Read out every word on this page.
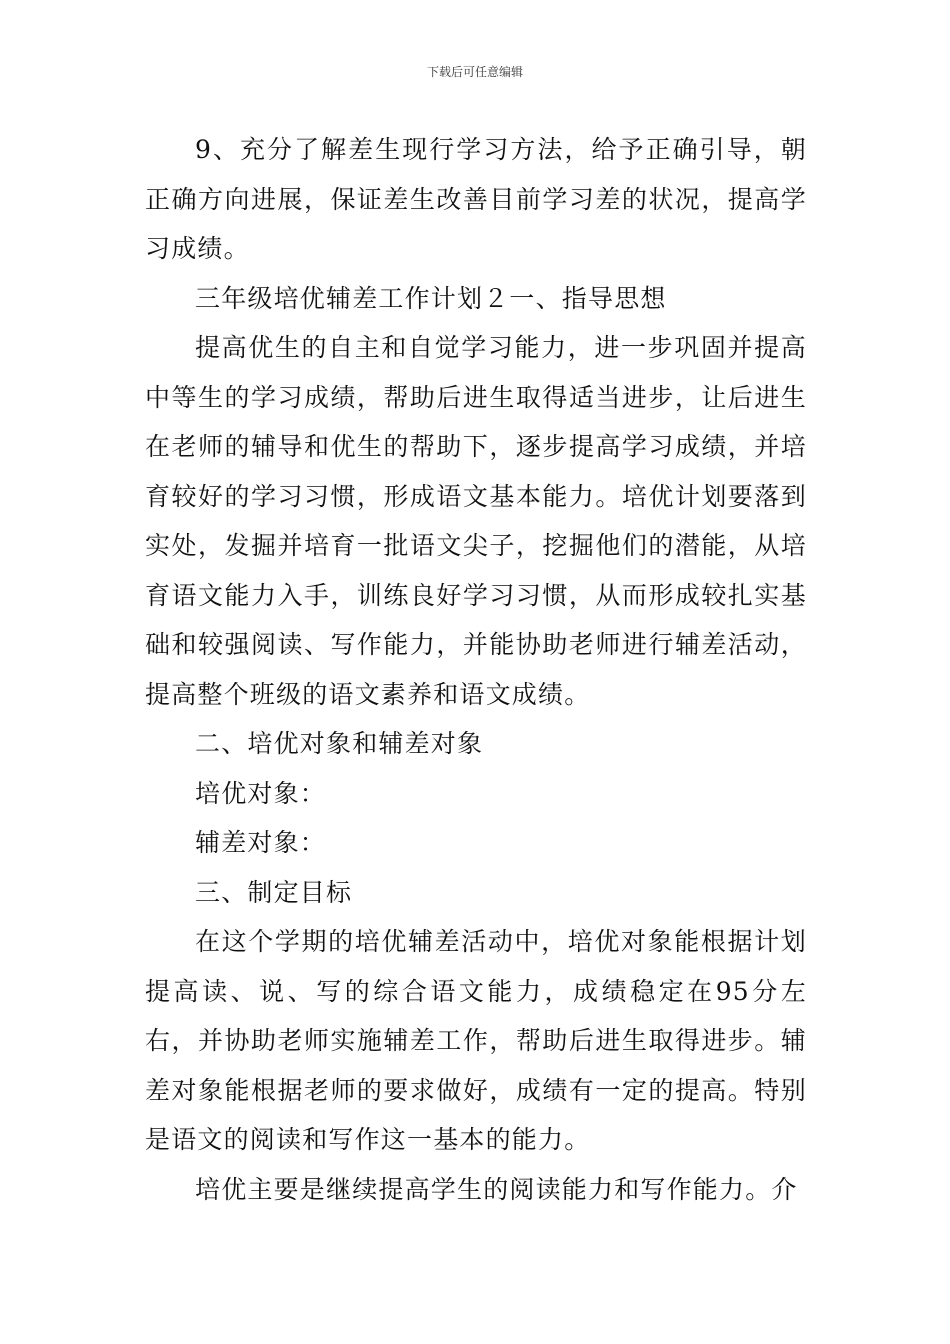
下载后可任意编辑

9、充分了解差生现行学习方法，给予正确引导，朝正确方向进展，保证差生改善目前学习差的状况，提高学习成绩。

三年级培优辅差工作计划２一、指导思想

提高优生的自主和自觉学习能力，进一步巩固并提高中等生的学习成绩，帮助后进生取得适当进步，让后进生在老师的辅导和优生的帮助下，逐步提高学习成绩，并培育较好的学习习惯，形成语文基本能力。培优计划要落到实处，发掘并培育一批语文尖子，挖掘他们的潜能，从培育语文能力入手，训练良好学习习惯，从而形成较扎实基础和较强阅读、写作能力，并能协助老师进行辅差活动，提高整个班级的语文素养和语文成绩。

二、培优对象和辅差对象

培优对象：

辅差对象：

三、制定目标

在这个学期的培优辅差活动中，培优对象能根据计划提高读、说、写的综合语文能力，成绩稳定在95分左右，并协助老师实施辅差工作，帮助后进生取得进步。辅差对象能根据老师的要求做好，成绩有一定的提高。特别是语文的阅读和写作这一基本的能力。

培优主要是继续提高学生的阅读能力和写作能力。介
